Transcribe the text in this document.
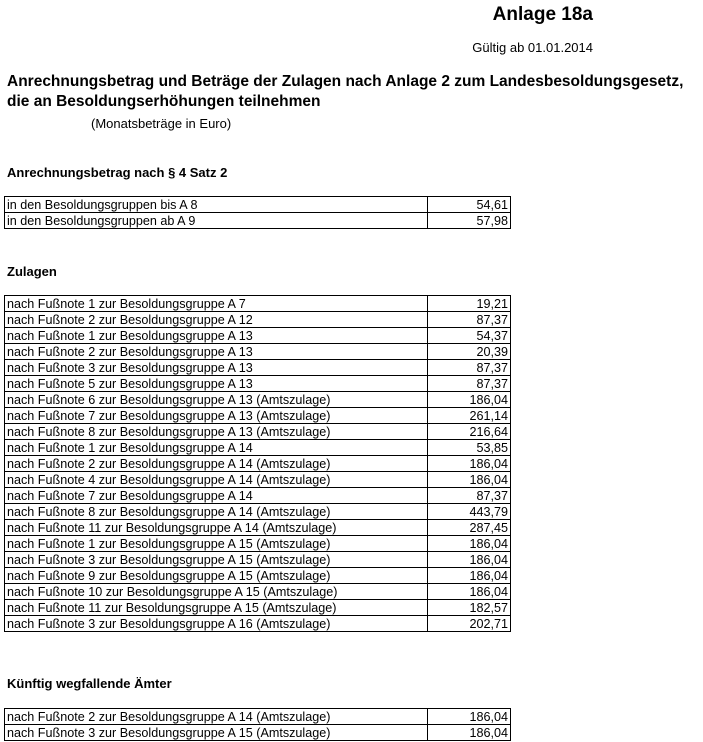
Anlage 18a
Gültig ab 01.01.2014
Anrechnungsbetrag und Beträge der Zulagen nach Anlage 2 zum Landesbesoldungsgesetz,
die an Besoldungserhöhungen teilnehmen
(Monatsbeträge in Euro)
Anrechnungsbetrag nach § 4 Satz 2
in den Besoldungsgruppen bis A 8	54,61
in den Besoldungsgruppen ab A 9	57,98
Zulagen
nach Fußnote 1 zur Besoldungsgruppe A 7	19,21
nach Fußnote 2 zur Besoldungsgruppe A 12	87,37
nach Fußnote 1 zur Besoldungsgruppe A 13	54,37
nach Fußnote 2 zur Besoldungsgruppe A 13	20,39
nach Fußnote 3 zur Besoldungsgruppe A 13	87,37
nach Fußnote 5 zur Besoldungsgruppe A 13	87,37
nach Fußnote 6 zur Besoldungsgruppe A 13 (Amtszulage)	186,04
nach Fußnote 7 zur Besoldungsgruppe A 13 (Amtszulage)	261,14
nach Fußnote 8 zur Besoldungsgruppe A 13 (Amtszulage)	216,64
nach Fußnote 1 zur Besoldungsgruppe A 14	53,85
nach Fußnote 2 zur Besoldungsgruppe A 14 (Amtszulage)	186,04
nach Fußnote 4 zur Besoldungsgruppe A 14 (Amtszulage)	186,04
nach Fußnote 7 zur Besoldungsgruppe A 14	87,37
nach Fußnote 8 zur Besoldungsgruppe A 14 (Amtszulage)	443,79
nach Fußnote 11 zur Besoldungsgruppe A 14 (Amtszulage)	287,45
nach Fußnote 1 zur Besoldungsgruppe A 15 (Amtszulage)	186,04
nach Fußnote 3 zur Besoldungsgruppe A 15 (Amtszulage)	186,04
nach Fußnote 9 zur Besoldungsgruppe A 15 (Amtszulage)	186,04
nach Fußnote 10 zur Besoldungsgruppe A 15 (Amtszulage)	186,04
nach Fußnote 11 zur Besoldungsgruppe A 15 (Amtszulage)	182,57
nach Fußnote 3 zur Besoldungsgruppe A 16 (Amtszulage)	202,71
Künftig wegfallende Ämter
nach Fußnote 2 zur Besoldungsgruppe A 14 (Amtszulage)	186,04
nach Fußnote 3 zur Besoldungsgruppe A 15 (Amtszulage)	186,04
